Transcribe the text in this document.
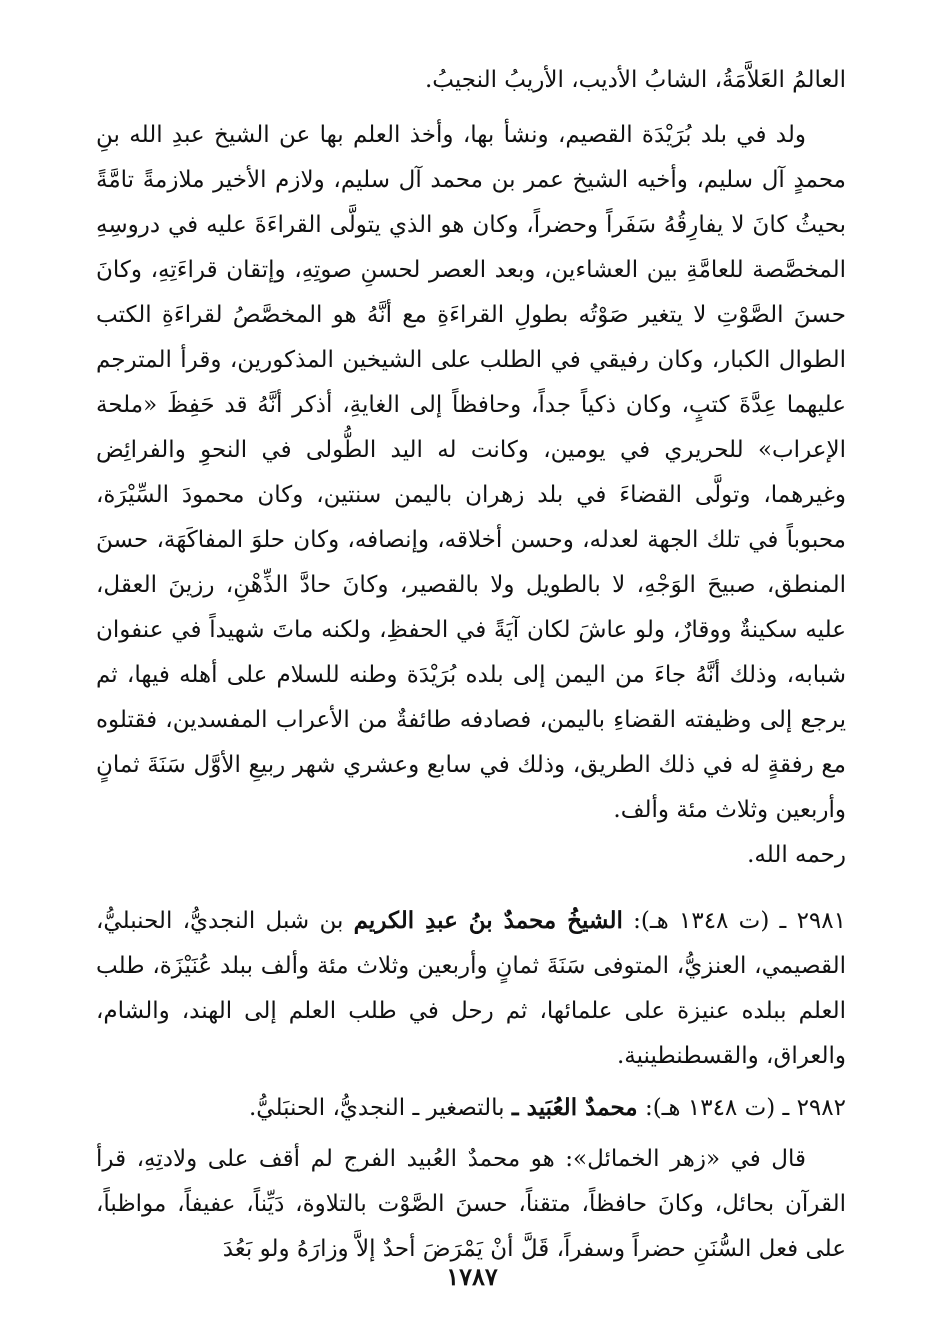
العالمُ العَلاَّمَةُ، الشابُ الأديب، الأريبُ النجيبُ.

ولد في بلد بُرَيْدَة القصيم، ونشأ بها، وأخذ العلم بها عن الشيخ عبدِ الله بنِ محمدٍ آل سليم، وأخيه الشيخ عمر بن محمد آل سليم، ولازم الأخير ملازمةً تامَّةً بحيثُ كانَ لا يفارِقُهُ سَفَراً وحضراً، وكان هو الذي يتولَّى القراءَةَ عليه في دروسِهِ المخصَّصة للعامَّةِ بين العشاءين، وبعد العصر لحسنِ صوتِهِ، وإتقان قراءَتِهِ، وكانَ حسنَ الصَّوْتِ لا يتغير صَوْتُه بطولِ القراءَةِ مع أنَّهُ هو المخصَّصُ لقراءَةِ الكتب الطوال الكبار، وكان رفيقي في الطلب على الشيخين المذكورين، وقرأ المترجم عليهما عِدَّةَ كتبٍ، وكان ذكياً جداً، وحافظاً إلى الغايةِ، أذكر أنَّهُ قد حَفِظَ «ملحة الإعراب» للحريري في يومين، وكانت له اليد الطُّولى في النحوِ والفرائِض وغيرهما، وتولَّى القضاءَ في بلد زهران باليمن سنتين، وكان محمودَ السِّيْرَة، محبوباً في تلك الجهة لعدله، وحسن أخلاقه، وإنصافه، وكان حلوَ المفاكَهَة، حسنَ المنطق، صبيحَ الوَجْهِ، لا بالطويل ولا بالقصير، وكانَ حادَّ الذِّهْنِ، رزينَ العقل، عليه سكينةٌ ووقارٌ، ولو عاشَ لكان آيَةً في الحفظِ، ولكنه ماتَ شهيداً في عنفوان شبابه، وذلك أنَّهُ جاءَ من اليمن إلى بلده بُرَيْدَة وطنه للسلام على أهله فيها، ثم يرجع إلى وظيفته القضاءِ باليمن، فصادفه طائفةٌ من الأعراب المفسدين، فقتلوه مع رفقةٍ له في ذلك الطريق، وذلك في سابع وعشري شهر ربيعِ الأوَّل سَنَةَ ثمانٍ وأربعين وثلاث مئة وألف.

رحمه الله.

٢٩٨١ ـ (ت ١٣٤٨ هـ): الشيخُ محمدٌ بنُ عبدِ الكريم بن شبل النجديُّ، الحنبليُّ، القصيمي، العنزيُّ، المتوفى سَنَةَ ثمانٍ وأربعين وثلاث مئة وألف ببلد عُنَيْزَة، طلب العلم ببلده عنيزة على علمائها، ثم رحل في طلب العلم إلى الهند، والشام، والعراق، والقسطنطينية.

٢٩٨٢ ـ (ت ١٣٤٨ هـ): محمدٌ العُبَيد ـ بالتصغير ـ النجديُّ، الحنبَليُّ.

قال في «زهر الخمائل»: هو محمدٌ العُبيد الفرج لم أقف على ولادتِهِ، قرأ القرآن بحائل، وكانَ حافظاً، متقناً، حسنَ الصَّوْت بالتلاوة، دَيِّناً، عفيفاً، مواظباً، على فعل السُّنَنِ حضراً وسفراً، قَلَّ أنْ يَمْرَضَ أحدٌ إلاَّ وزارَهُ ولو بَعُدَ

١٧٨٧
